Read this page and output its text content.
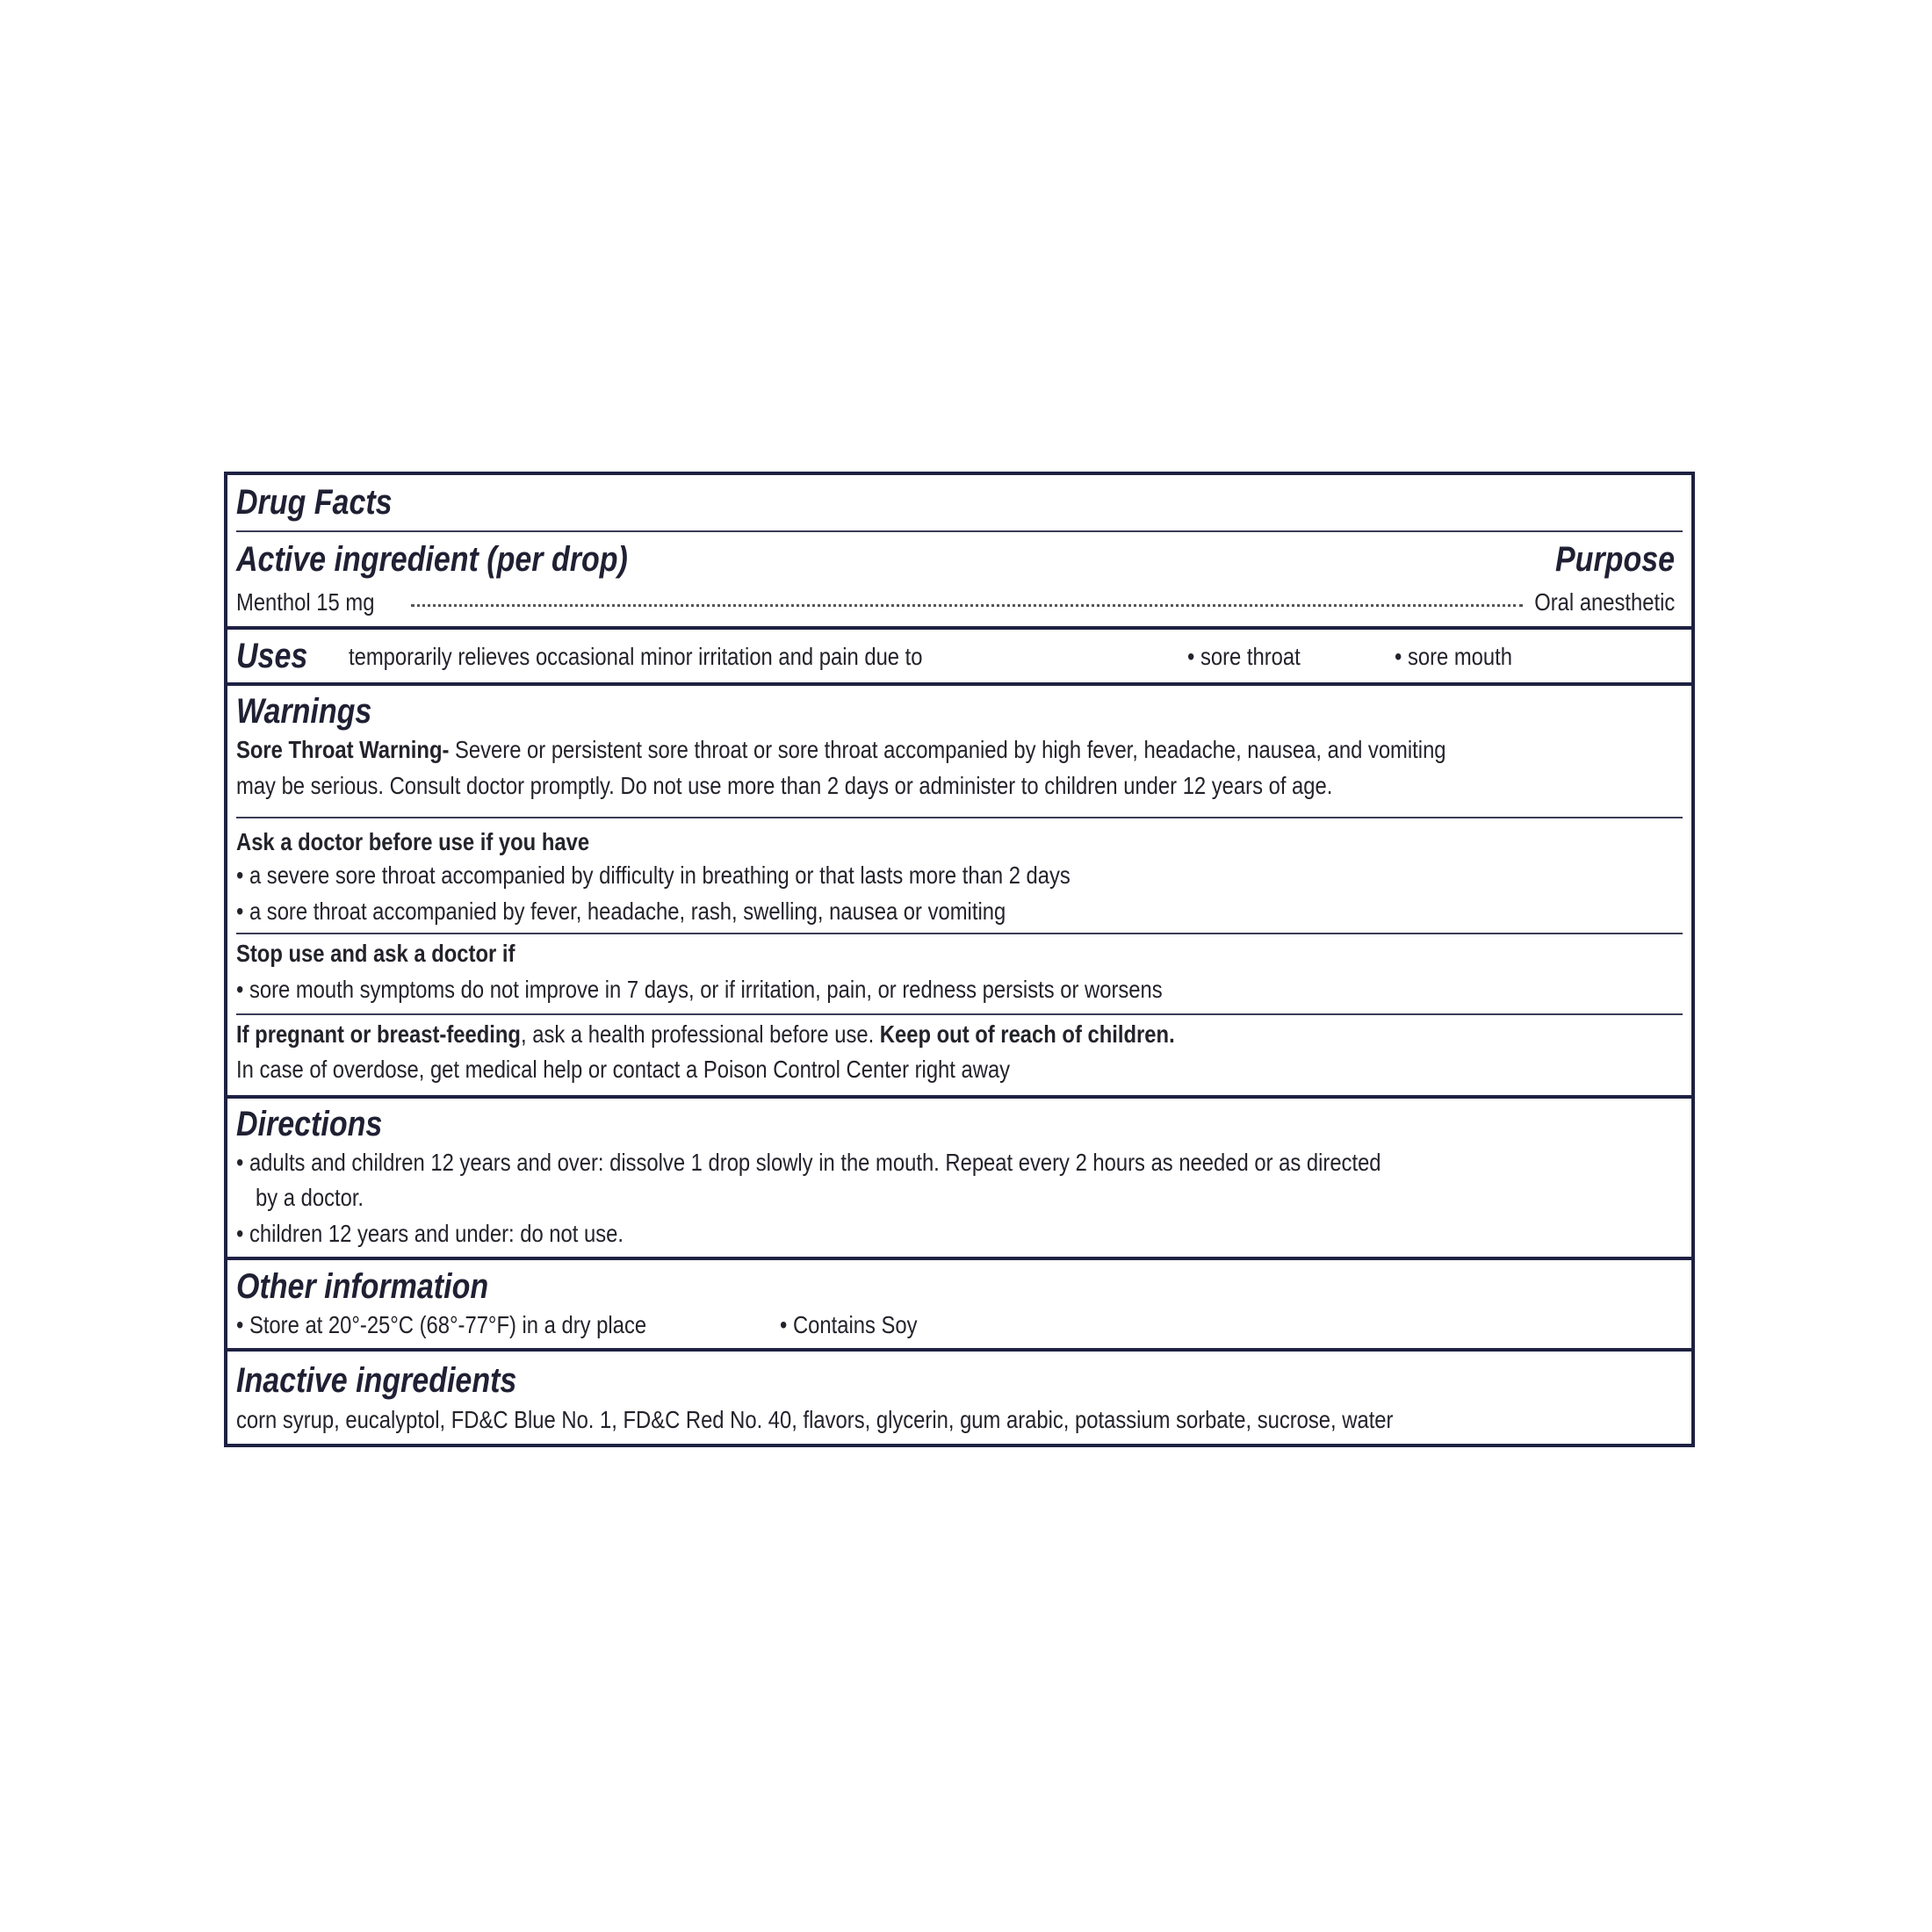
Drug Facts
Active ingredient (per drop)	Purpose
Menthol 15 mg	Oral anesthetic
Uses temporarily relieves occasional minor irritation and pain due to	• sore throat	• sore mouth
Warnings
Sore Throat Warning- Severe or persistent sore throat or sore throat accompanied by high fever, headache, nausea, and vomiting
may be serious. Consult doctor promptly. Do not use more than 2 days or administer to children under 12 years of age.
Ask a doctor before use if you have
• a severe sore throat accompanied by difficulty in breathing or that lasts more than 2 days
• a sore throat accompanied by fever, headache, rash, swelling, nausea or vomiting
Stop use and ask a doctor if
• sore mouth symptoms do not improve in 7 days, or if irritation, pain, or redness persists or worsens
If pregnant or breast-feeding, ask a health professional before use. Keep out of reach of children.
In case of overdose, get medical help or contact a Poison Control Center right away
Directions
• adults and children 12 years and over: dissolve 1 drop slowly in the mouth. Repeat every 2 hours as needed or as directed
by a doctor.
• children 12 years and under: do not use.
Other information
• Store at 20°-25°C (68°-77°F) in a dry place	• Contains Soy
Inactive ingredients
corn syrup, eucalyptol, FD&C Blue No. 1, FD&C Red No. 40, flavors, glycerin, gum arabic, potassium sorbate, sucrose, water
